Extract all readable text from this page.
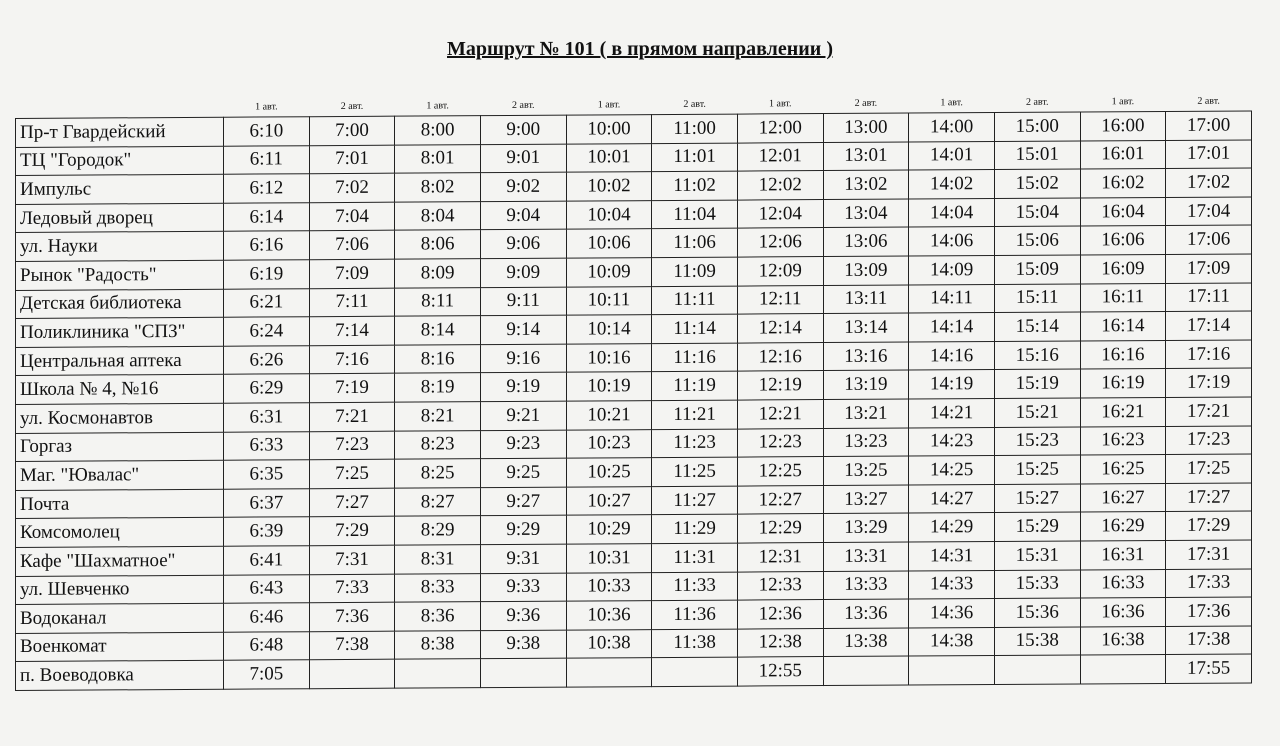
Маршрут № 101 ( в прямом направлении )
	1 авт.	2 авт.	1 авт.	2 авт.	1 авт.	2 авт.	1 авт.	2 авт.	1 авт.	2 авт.	1 авт.	2 авт.
Пр-т Гвардейский	6:10	7:00	8:00	9:00	10:00	11:00	12:00	13:00	14:00	15:00	16:00	17:00
ТЦ "Городок"	6:11	7:01	8:01	9:01	10:01	11:01	12:01	13:01	14:01	15:01	16:01	17:01
Импульс	6:12	7:02	8:02	9:02	10:02	11:02	12:02	13:02	14:02	15:02	16:02	17:02
Ледовый дворец	6:14	7:04	8:04	9:04	10:04	11:04	12:04	13:04	14:04	15:04	16:04	17:04
ул. Науки	6:16	7:06	8:06	9:06	10:06	11:06	12:06	13:06	14:06	15:06	16:06	17:06
Рынок "Радость"	6:19	7:09	8:09	9:09	10:09	11:09	12:09	13:09	14:09	15:09	16:09	17:09
Детская библиотека	6:21	7:11	8:11	9:11	10:11	11:11	12:11	13:11	14:11	15:11	16:11	17:11
Поликлиника "СПЗ"	6:24	7:14	8:14	9:14	10:14	11:14	12:14	13:14	14:14	15:14	16:14	17:14
Центральная аптека	6:26	7:16	8:16	9:16	10:16	11:16	12:16	13:16	14:16	15:16	16:16	17:16
Школа № 4, №16	6:29	7:19	8:19	9:19	10:19	11:19	12:19	13:19	14:19	15:19	16:19	17:19
ул. Космонавтов	6:31	7:21	8:21	9:21	10:21	11:21	12:21	13:21	14:21	15:21	16:21	17:21
Горгаз	6:33	7:23	8:23	9:23	10:23	11:23	12:23	13:23	14:23	15:23	16:23	17:23
Маг. "Ювалас"	6:35	7:25	8:25	9:25	10:25	11:25	12:25	13:25	14:25	15:25	16:25	17:25
Почта	6:37	7:27	8:27	9:27	10:27	11:27	12:27	13:27	14:27	15:27	16:27	17:27
Комсомолец	6:39	7:29	8:29	9:29	10:29	11:29	12:29	13:29	14:29	15:29	16:29	17:29
Кафе "Шахматное"	6:41	7:31	8:31	9:31	10:31	11:31	12:31	13:31	14:31	15:31	16:31	17:31
ул. Шевченко	6:43	7:33	8:33	9:33	10:33	11:33	12:33	13:33	14:33	15:33	16:33	17:33
Водоканал	6:46	7:36	8:36	9:36	10:36	11:36	12:36	13:36	14:36	15:36	16:36	17:36
Военкомат	6:48	7:38	8:38	9:38	10:38	11:38	12:38	13:38	14:38	15:38	16:38	17:38
п. Воеводовка	7:05						12:55					17:55
